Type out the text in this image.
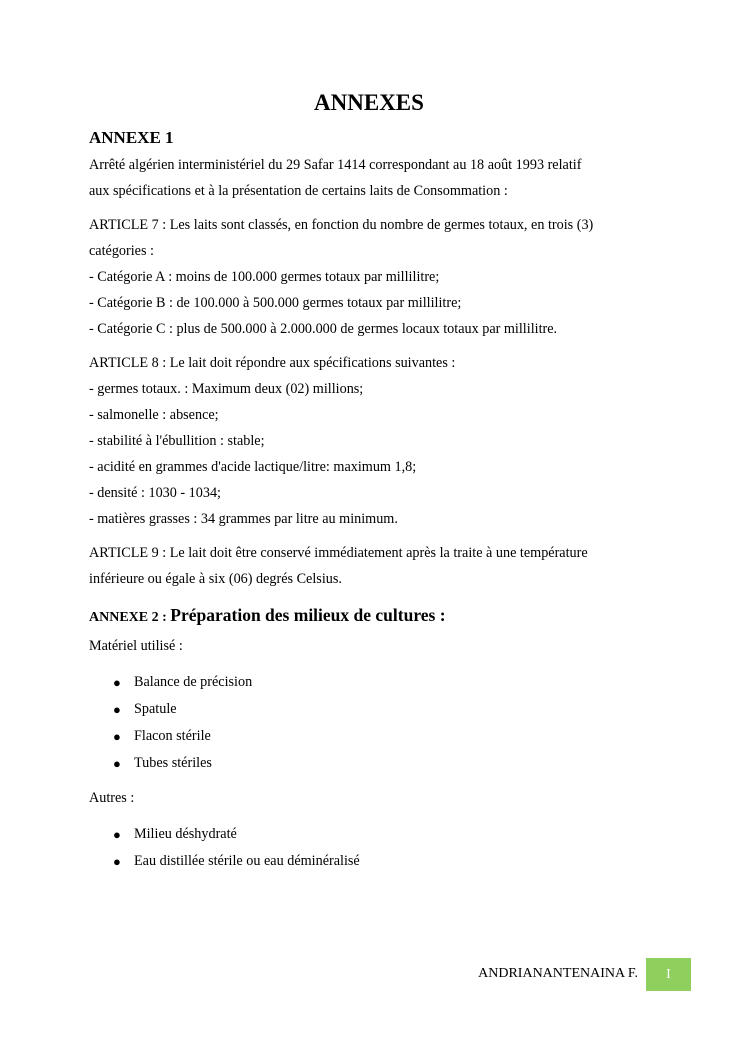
ANNEXES
ANNEXE 1

Arrêté algérien interministériel du 29 Safar 1414 correspondant au 18 août 1993 relatif

aux spécifications et à la présentation de certains laits de Consommation :

ARTICLE 7 : Les laits sont classés, en fonction du nombre de germes totaux, en trois (3)

catégories :

- Catégorie A : moins de 100.000 germes totaux par millilitre;

- Catégorie B : de 100.000 à 500.000 germes totaux par millilitre;

- Catégorie C : plus de 500.000 à 2.000.000 de germes locaux totaux par millilitre.

ARTICLE 8 : Le lait doit répondre aux spécifications suivantes :

- germes totaux. : Maximum deux (02) millions;

- salmonelle : absence;

- stabilité à l'ébullition : stable;

- acidité en grammes d'acide lactique/litre: maximum 1,8;

- densité : 1030 - 1034;

- matières grasses : 34 grammes par litre au minimum.

ARTICLE 9 : Le lait doit être conservé immédiatement après la traite à une température

inférieure ou égale à six (06) degrés Celsius.

ANNEXE 2 : Préparation des milieux de cultures :

Matériel utilisé :

● Balance de précision
● Spatule
● Flacon stérile
● Tubes stériles

Autres :

● Milieu déshydraté
● Eau distillée stérile ou eau déminéralisé
ANDRIANANTENAINA F.	I
